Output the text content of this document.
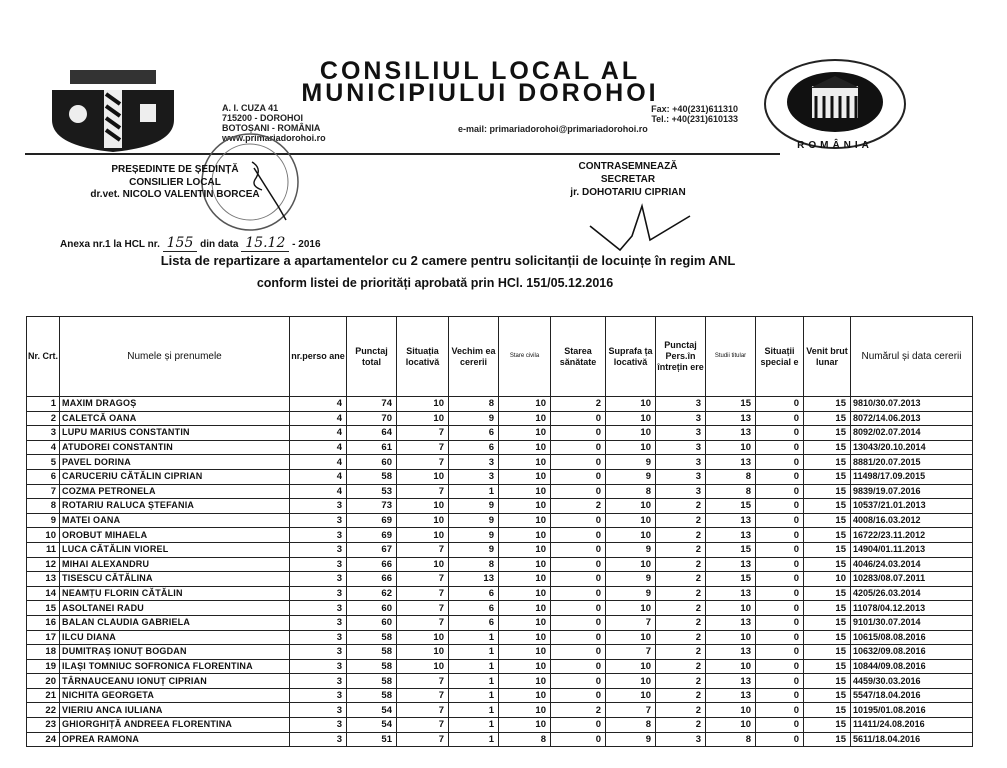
CONSILIUL LOCAL AL
MUNICIPIULUI DOROHOI
A. I. CUZA 41
715200 - DOROHOI
BOTOȘANI - ROMÂNIA
www.primariadorohoi.ro
Fax: +40(231)611310
Tel.: +40(231)610133
e-mail: primariadorohoi@primariadorohoi.ro
ROMÂNIA
PREȘEDINTE DE ȘEDINȚĂ
CONSILIER LOCAL
dr.vet. NICOLO VALENTIN BORCEA
CONTRASEMNEAZĂ
SECRETAR
jr. DOHOTARIU CIPRIAN
Anexa nr.1 la HCL nr. 155 din data 15.12 - 2016
Lista de repartizare a apartamentelor cu 2 camere pentru solicitanții de locuințe în regim ANL
conform listei de priorități aprobată prin HCl. 151/05.12.2016
Nr. Crt.	Numele și prenumele	nr.perso ane	Punctaj total	Situația locativă	Vechim ea cererii	Stare civila	Starea sănătate	Suprafa ța locativă	Punctaj Pers.în întrețin ere	Studii titular	Situații special e	Venit brut lunar	Numărul și data cererii
1	MAXIM DRAGOȘ	4	74	10	8	10	2	10	3	15	0	15	9810/30.07.2013
2	CALETCĂ OANA	4	70	10	9	10	0	10	3	13	0	15	8072/14.06.2013
3	LUPU MARIUS CONSTANTIN	4	64	7	6	10	0	10	3	13	0	15	8092/02.07.2014
4	ATUDOREI CONSTANTIN	4	61	7	6	10	0	10	3	10	0	15	13043/20.10.2014
5	PAVEL DORINA	4	60	7	3	10	0	9	3	13	0	15	8881/20.07.2015
6	CARUCERIU CĂTĂLIN CIPRIAN	4	58	10	3	10	0	9	3	8	0	15	11498/17.09.2015
7	COZMA PETRONELA	4	53	7	1	10	0	8	3	8	0	15	9839/19.07.2016
8	ROTARIU RALUCA ȘTEFANIA	3	73	10	9	10	2	10	2	15	0	15	10537/21.01.2013
9	MATEI OANA	3	69	10	9	10	0	10	2	13	0	15	4008/16.03.2012
10	OROBUT MIHAELA	3	69	10	9	10	0	10	2	13	0	15	16722/23.11.2012
11	LUCA CĂTĂLIN VIOREL	3	67	7	9	10	0	9	2	15	0	15	14904/01.11.2013
12	MIHAI ALEXANDRU	3	66	10	8	10	0	10	2	13	0	15	4046/24.03.2014
13	TISESCU CĂTĂLINA	3	66	7	13	10	0	9	2	15	0	10	10283/08.07.2011
14	NEAMȚU FLORIN CĂTĂLIN	3	62	7	6	10	0	9	2	13	0	15	4205/26.03.2014
15	ASOLTANEI RADU	3	60	7	6	10	0	10	2	10	0	15	11078/04.12.2013
16	BALAN CLAUDIA GABRIELA	3	60	7	6	10	0	7	2	13	0	15	9101/30.07.2014
17	ILCU DIANA	3	58	10	1	10	0	10	2	10	0	15	10615/08.08.2016
18	DUMITRAȘ IONUȚ BOGDAN	3	58	10	1	10	0	7	2	13	0	15	10632/09.08.2016
19	ILAȘI TOMNIUC SOFRONICA FLORENTINA	3	58	10	1	10	0	10	2	10	0	15	10844/09.08.2016
20	TÂRNAUCEANU IONUȚ CIPRIAN	3	58	7	1	10	0	10	2	13	0	15	4459/30.03.2016
21	NICHITA GEORGETA	3	58	7	1	10	0	10	2	13	0	15	5547/18.04.2016
22	VIERIU ANCA IULIANA	3	54	7	1	10	2	7	2	10	0	15	10195/01.08.2016
23	GHIORGHIȚĂ ANDREEA FLORENTINA	3	54	7	1	10	0	8	2	10	0	15	11411/24.08.2016
24	OPREA RAMONA	3	51	7	1	8	0	9	3	8	0	15	5611/18.04.2016
